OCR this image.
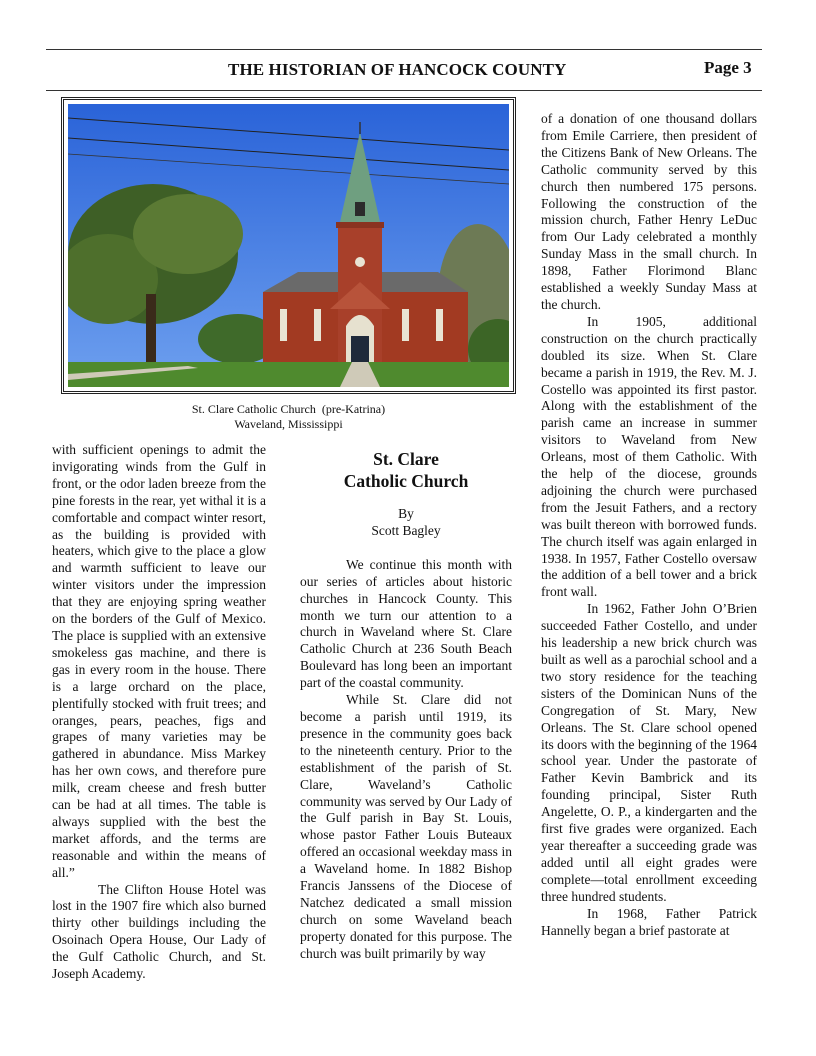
THE HISTORIAN OF HANCOCK COUNTY	Page 3
St. Clare Catholic Church  (pre-Katrina)
Waveland, Mississippi

with sufficient openings to admit the invigorating winds from the Gulf in front, or the odor laden breeze from the pine forests in the rear, yet withal it is a comfortable and compact winter resort, as the building is provided with heaters, which give to the place a glow and warmth sufficient to leave our winter visitors under the impression that they are enjoying spring weather on the borders of the Gulf of Mexico. The place is supplied with an extensive smokeless gas machine, and there is gas in every room in the house. There is a large orchard on the place, plentifully stocked with fruit trees; and oranges, pears, peaches, figs and grapes of many varieties may be gathered in abundance. Miss Markey has her own cows, and therefore pure milk, cream cheese and fresh butter can be had at all times. The table is always supplied with the best the market affords, and the terms are reasonable and within the means of all.”

The Clifton House Hotel was lost in the 1907 fire which also burned thirty other buildings including the Osoinach Opera House, Our Lady of the Gulf Catholic Church, and St. Joseph Academy.

St. Clare

Catholic Church

By

Scott Bagley

We continue this month with our series of articles about historic churches in Hancock County. This month we turn our attention to a church in Waveland where St. Clare Catholic Church at 236 South Beach Boulevard has long been an important part of the coastal community.

While St. Clare did not become a parish until 1919, its presence in the community goes back to the nineteenth century. Prior to the establishment of the parish of St. Clare, Waveland’s Catholic community was served by Our Lady of the Gulf parish in Bay St. Louis, whose pastor Father Louis Buteaux offered an occasional weekday mass in a Waveland home. In 1882 Bishop Francis Janssens of the Diocese of Natchez dedicated a small mission church on some Waveland beach property donated for this purpose. The church was built primarily by way

of a donation of one thousand dollars from Emile Carriere, then president of the Citizens Bank of New Orleans. The Catholic community served by this church then numbered 175 persons. Following the construction of the mission church, Father Henry LeDuc from Our Lady celebrated a monthly Sunday Mass in the small church. In 1898, Father Florimond Blanc established a weekly Sunday Mass at the church.

In 1905, additional construction on the church practically doubled its size. When St. Clare became a parish in 1919, the Rev. M. J. Costello was appointed its first pastor. Along with the establishment of the parish came an increase in summer visitors to Waveland from New Orleans, most of them Catholic. With the help of the diocese, grounds adjoining the church were purchased from the Jesuit Fathers, and a rectory was built thereon with borrowed funds. The church itself was again enlarged in 1938. In 1957, Father Costello oversaw the addition of a bell tower and a brick front wall.

In 1962, Father John O’Brien succeeded Father Costello, and under his leadership a new brick church was built as well as a parochial school and a two story residence for the teaching sisters of the Dominican Nuns of the Congregation of St. Mary, New Orleans. The St. Clare school opened its doors with the beginning of the 1964 school year. Under the pastorate of Father Kevin Bambrick and its founding principal, Sister Ruth Angelette, O. P., a kindergarten and the first five grades were organized. Each year thereafter a succeeding grade was added until all eight grades were complete—total enrollment exceeding three hundred students.

In 1968, Father Patrick Hannelly began a brief pastorate at
